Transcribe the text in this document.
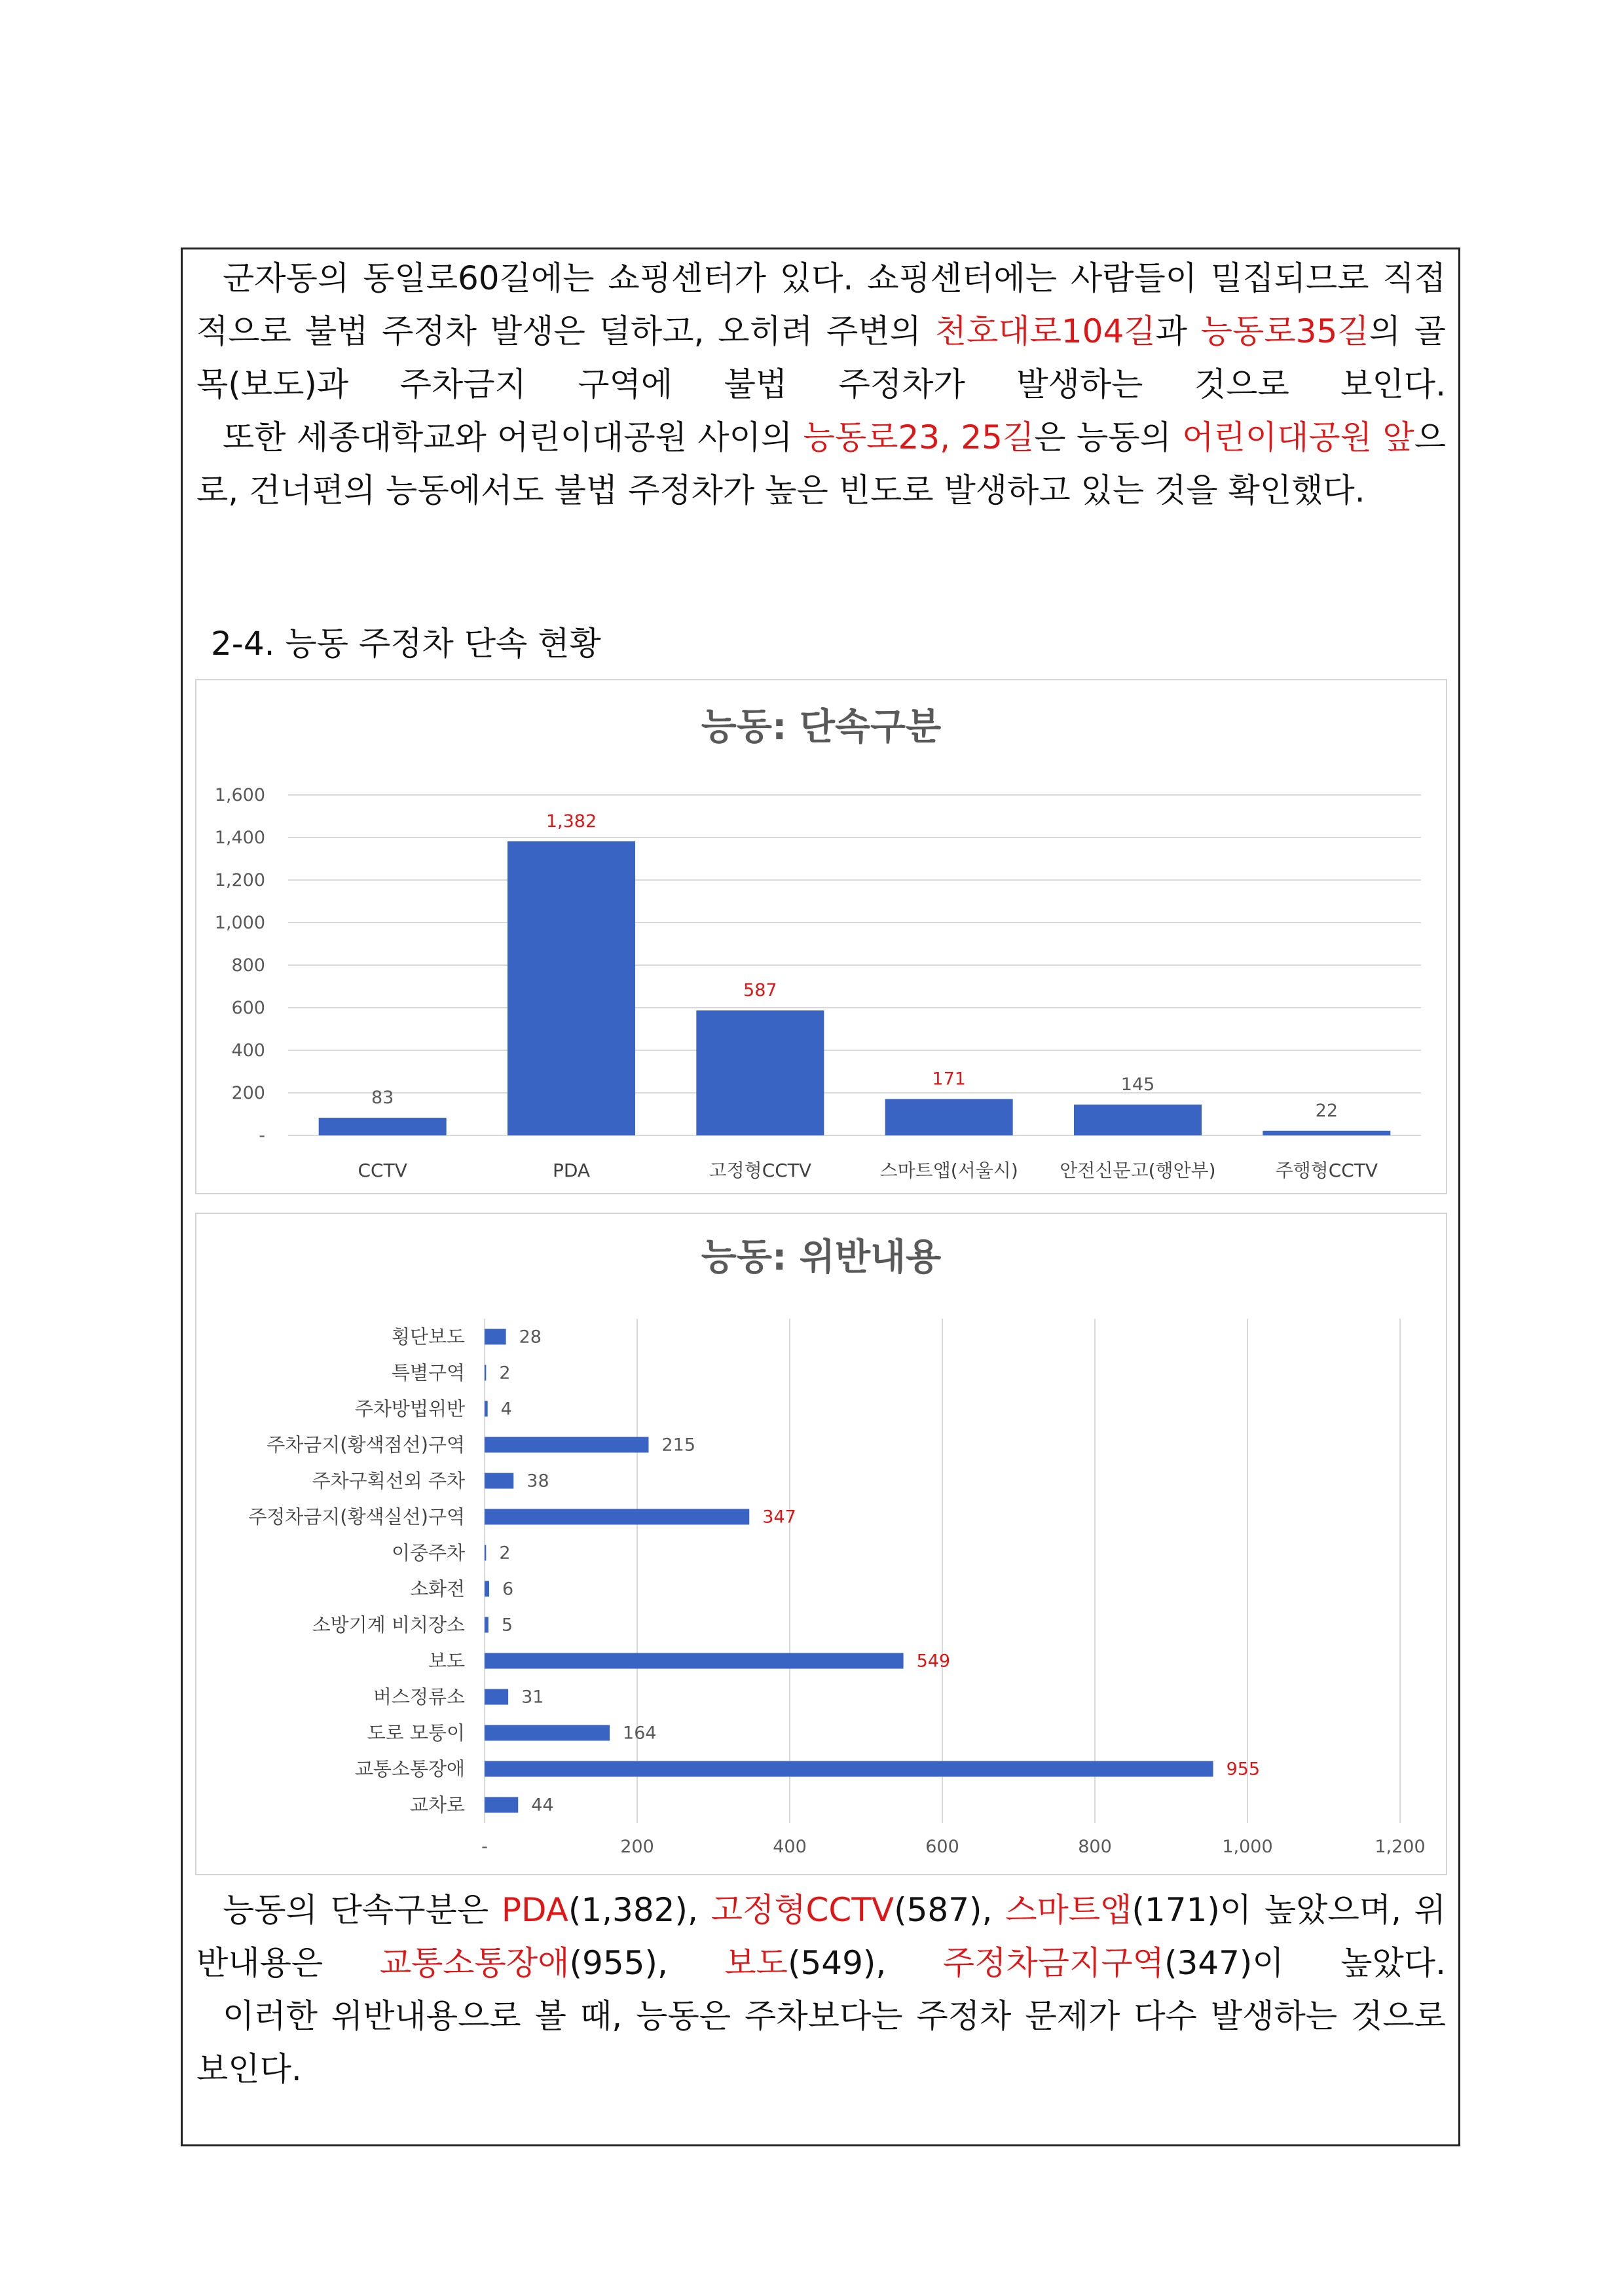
군자동의 동일로60길에는 쇼핑센터가 있다. 쇼핑센터에는 사람들이 밀집되므로 직접적으로 불법 주정차 발생은 덜하고, 오히려 주변의 천호대로104길과 능동로35길의 골목(보도)과 주차금지 구역에 불법 주정차가 발생하는 것으로 보인다.

또한 세종대학교와 어린이대공원 사이의 능동로23, 25길은 능동의 어린이대공원 앞으로, 건너편의 능동에서도 불법 주정차가 높은 빈도로 발생하고 있는 것을 확인했다.

2-4. 능동 주정차 단속 현황

능동: 단속구분
-
200
400
600
800
1,000
1,200
1,400
1,600
83
CCTV
1,382
PDA
587
고정형CCTV
171
스마트앱(서울시)
145
안전신문고(행안부)
22
주행형CCTV
능동: 위반내용
-	200	400	600	800	1,000	1,200
28
횡단보도
2
특별구역
4
주차방법위반
215
주차금지(황색점선)구역
38
주차구획선외 주차
347
주정차금지(황색실선)구역
2
이중주차
6
소화전
5
소방기계 비치장소
549
보도
31
버스정류소
164
도로 모퉁이
955
교통소통장애
44
교차로

능동의 단속구분은 PDA(1,382), 고정형CCTV(587), 스마트앱(171)이 높았으며, 위반내용은 교통소통장애(955), 보도(549), 주정차금지구역(347)이 높았다.

이러한 위반내용으로 볼 때, 능동은 주차보다는 주정차 문제가 다수 발생하는 것으로 보인다.
